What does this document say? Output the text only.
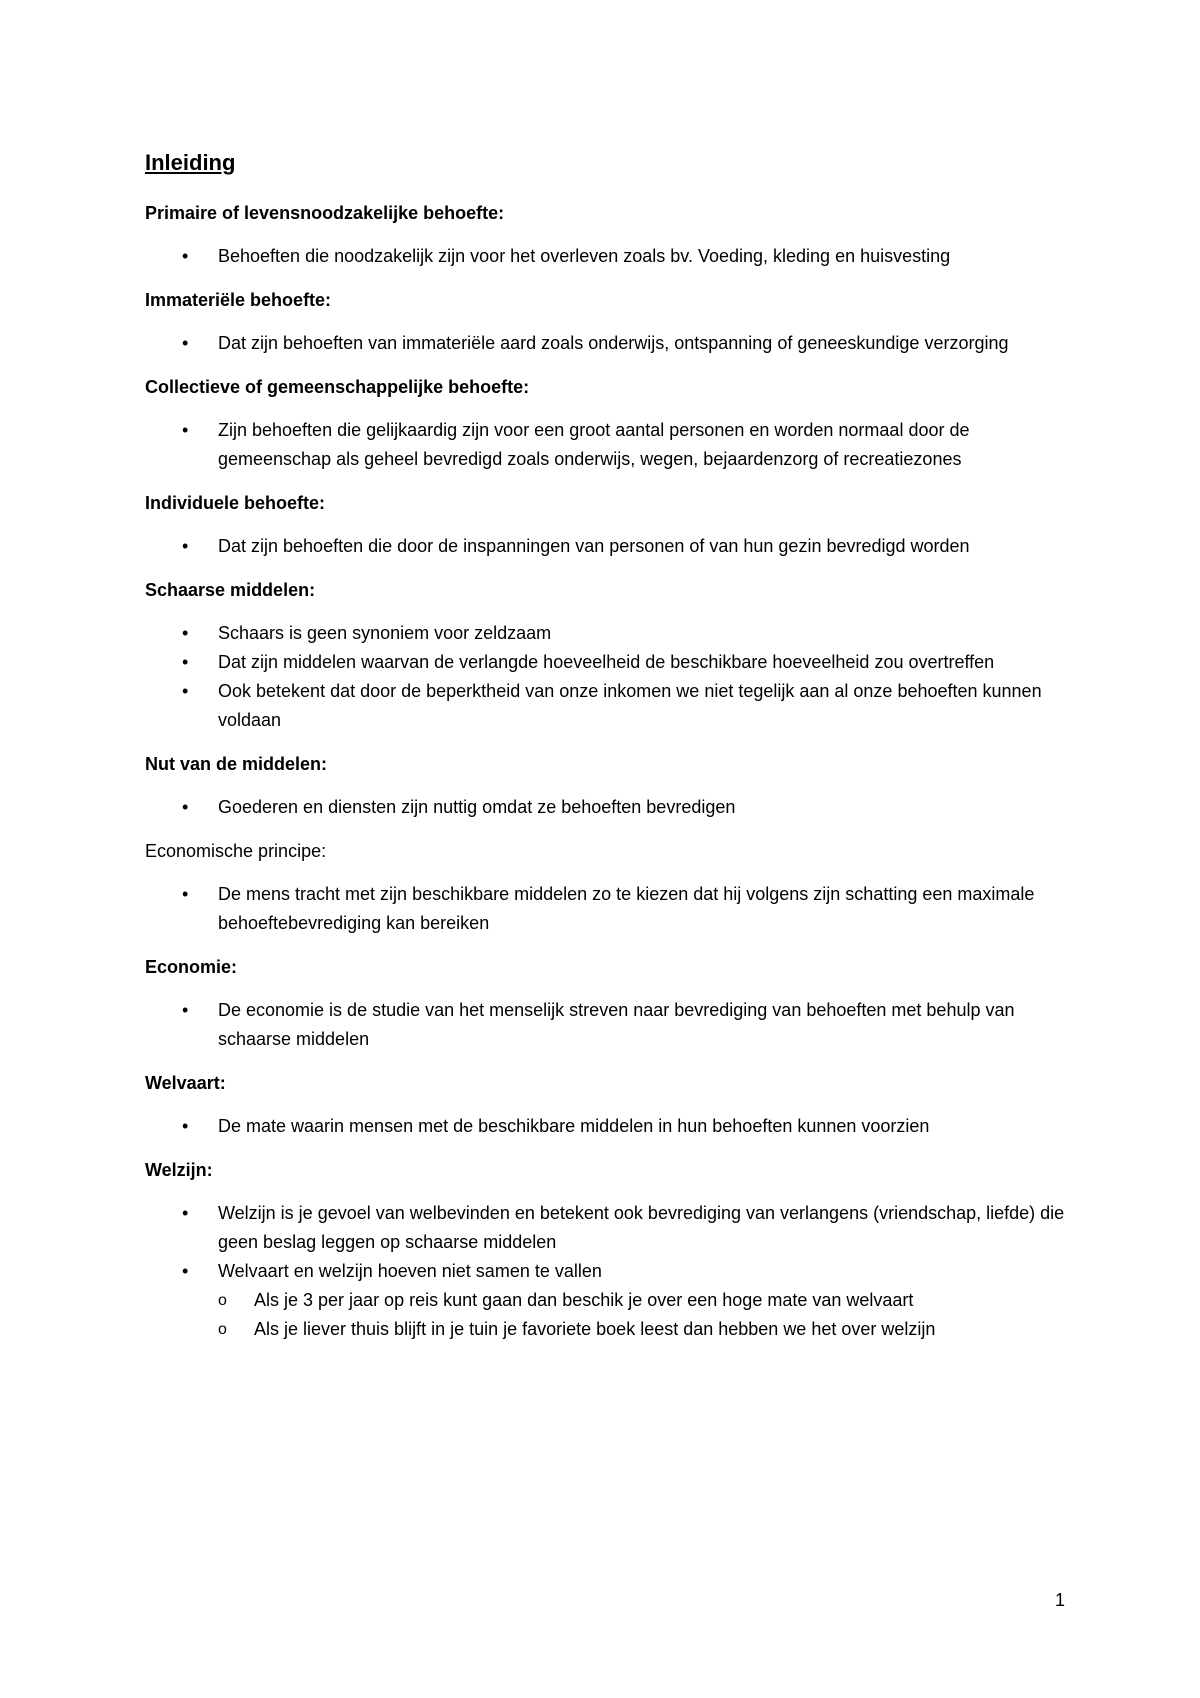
Inleiding
Primaire of levensnoodzakelijke behoefte:
• Behoeften die noodzakelijk zijn voor het overleven zoals bv. Voeding, kleding en huisvesting
Immateriële behoefte:
• Dat zijn behoeften van immateriële aard zoals onderwijs, ontspanning of geneeskundige verzorging
Collectieve of gemeenschappelijke behoefte:
• Zijn behoeften die gelijkaardig zijn voor een groot aantal personen en worden normaal door de gemeenschap als geheel bevredigd zoals onderwijs, wegen, bejaardenzorg of recreatiezones
Individuele behoefte:
• Dat zijn behoeften die door de inspanningen van personen of van hun gezin bevredigd worden
Schaarse middelen:
• Schaars is geen synoniem voor zeldzaam
• Dat zijn middelen waarvan de verlangde hoeveelheid de beschikbare hoeveelheid zou overtreffen
• Ook betekent dat door de beperktheid van onze inkomen we niet tegelijk aan al onze behoeften kunnen voldaan
Nut van de middelen:
• Goederen en diensten zijn nuttig omdat ze behoeften bevredigen
Economische principe:
• De mens tracht met zijn beschikbare middelen zo te kiezen dat hij volgens zijn schatting een maximale behoeftebevrediging kan bereiken
Economie:
• De economie is de studie van het menselijk streven naar bevrediging van behoeften met behulp van schaarse middelen
Welvaart:
• De mate waarin mensen met de beschikbare middelen in hun behoeften kunnen voorzien
Welzijn:
• Welzijn is je gevoel van welbevinden en betekent ook bevrediging van verlangens (vriendschap, liefde) die geen beslag leggen op schaarse middelen
• Welvaart en welzijn hoeven niet samen te vallen
o Als je 3 per jaar op reis kunt gaan dan beschik je over een hoge mate van welvaart
o Als je liever thuis blijft in je tuin je favoriete boek leest dan hebben we het over welzijn
1
